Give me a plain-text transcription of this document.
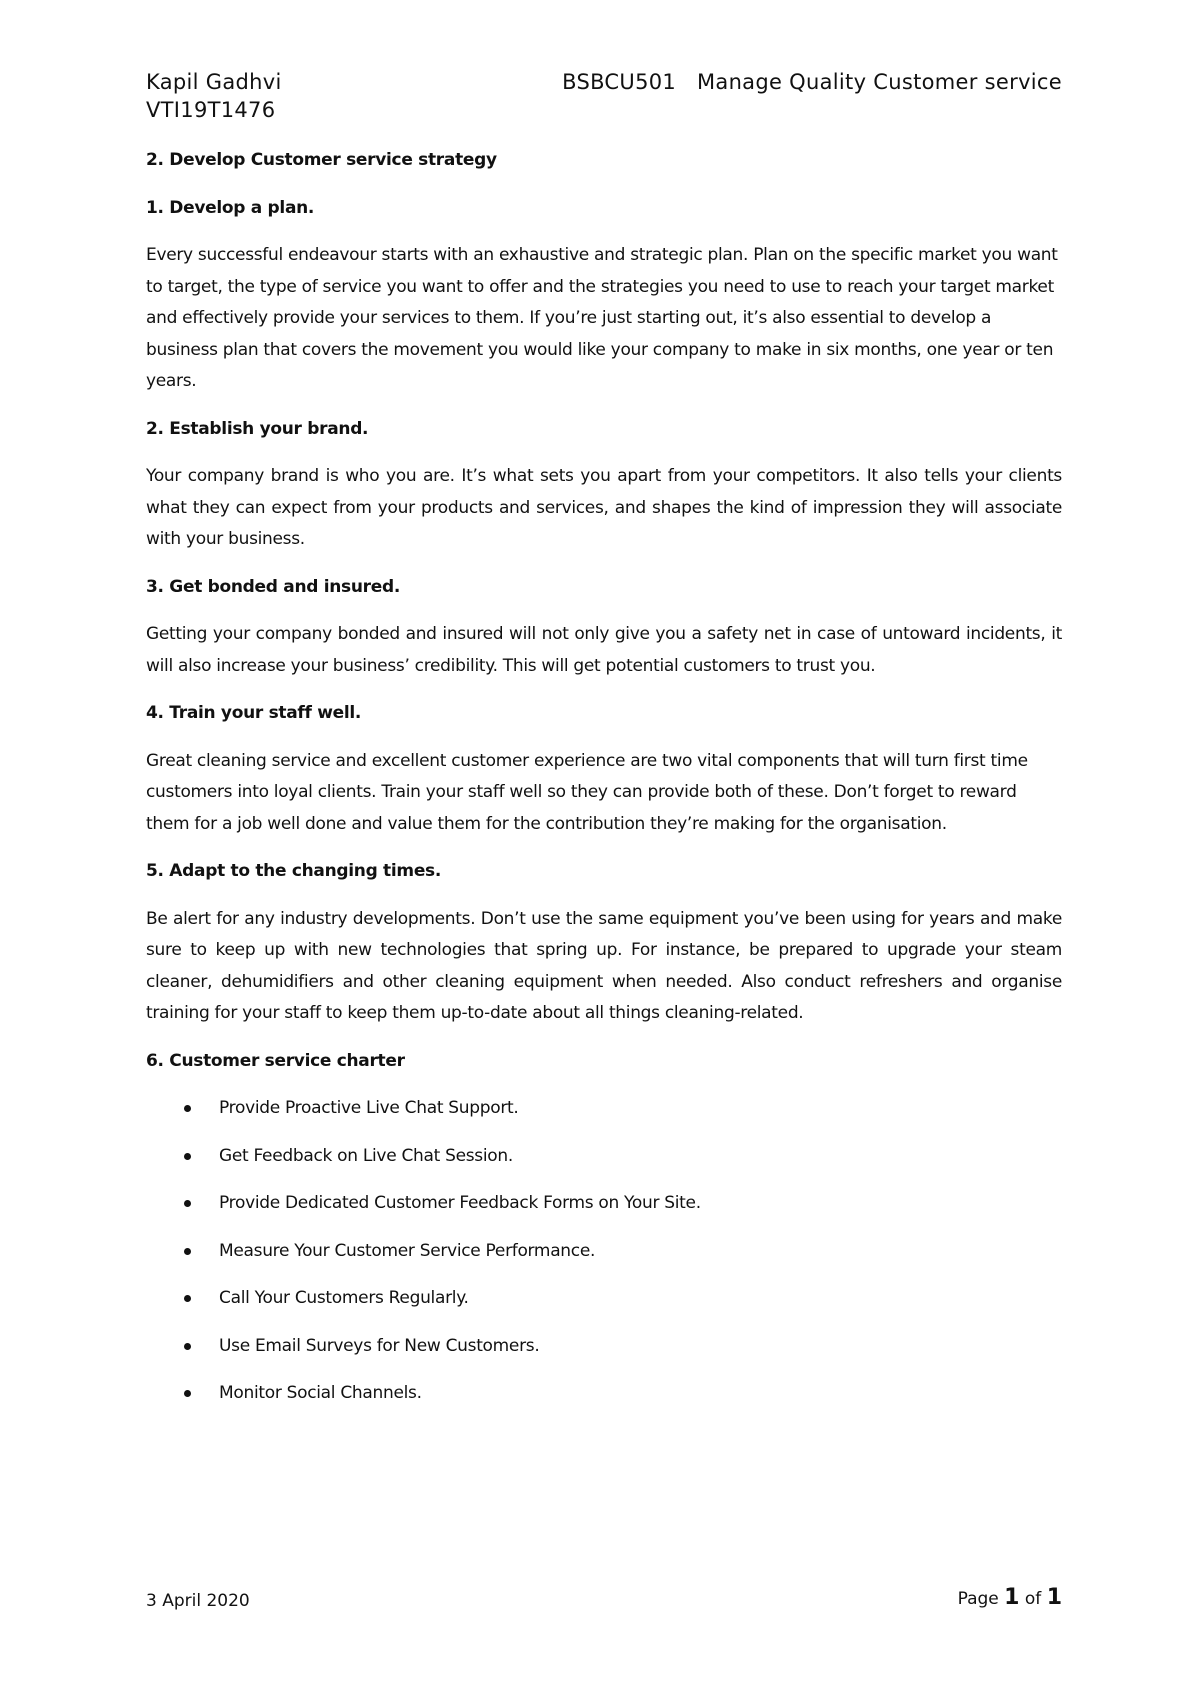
Kapil Gadhvi
VTI19T1476
BSBCU501 Manage Quality Customer service
2. Develop Customer service strategy
1. Develop a plan.
Every successful endeavour starts with an exhaustive and strategic plan. Plan on the specific market you want to target, the type of service you want to offer and the strategies you need to use to reach your target market and effectively provide your services to them. If you’re just starting out, it’s also essential to develop a business plan that covers the movement you would like your company to make in six months, one year or ten years.
2. Establish your brand.
Your company brand is who you are. It’s what sets you apart from your competitors. It also tells your clients what they can expect from your products and services, and shapes the kind of impression they will associate with your business.
3. Get bonded and insured.
Getting your company bonded and insured will not only give you a safety net in case of untoward incidents, it will also increase your business’ credibility. This will get potential customers to trust you.
4. Train your staff well.
Great cleaning service and excellent customer experience are two vital components that will turn first time customers into loyal clients. Train your staff well so they can provide both of these. Don’t forget to reward them for a job well done and value them for the contribution they’re making for the organisation.
5. Adapt to the changing times.
Be alert for any industry developments. Don’t use the same equipment you’ve been using for years and make sure to keep up with new technologies that spring up. For instance, be prepared to upgrade your steam cleaner, dehumidifiers and other cleaning equipment when needed. Also conduct refreshers and organise training for your staff to keep them up-to-date about all things cleaning-related.
6. Customer service charter
Provide Proactive Live Chat Support.
Get Feedback on Live Chat Session.
Provide Dedicated Customer Feedback Forms on Your Site.
Measure Your Customer Service Performance.
Call Your Customers Regularly.
Use Email Surveys for New Customers.
Monitor Social Channels.
3 April 2020	Page 1 of 1
